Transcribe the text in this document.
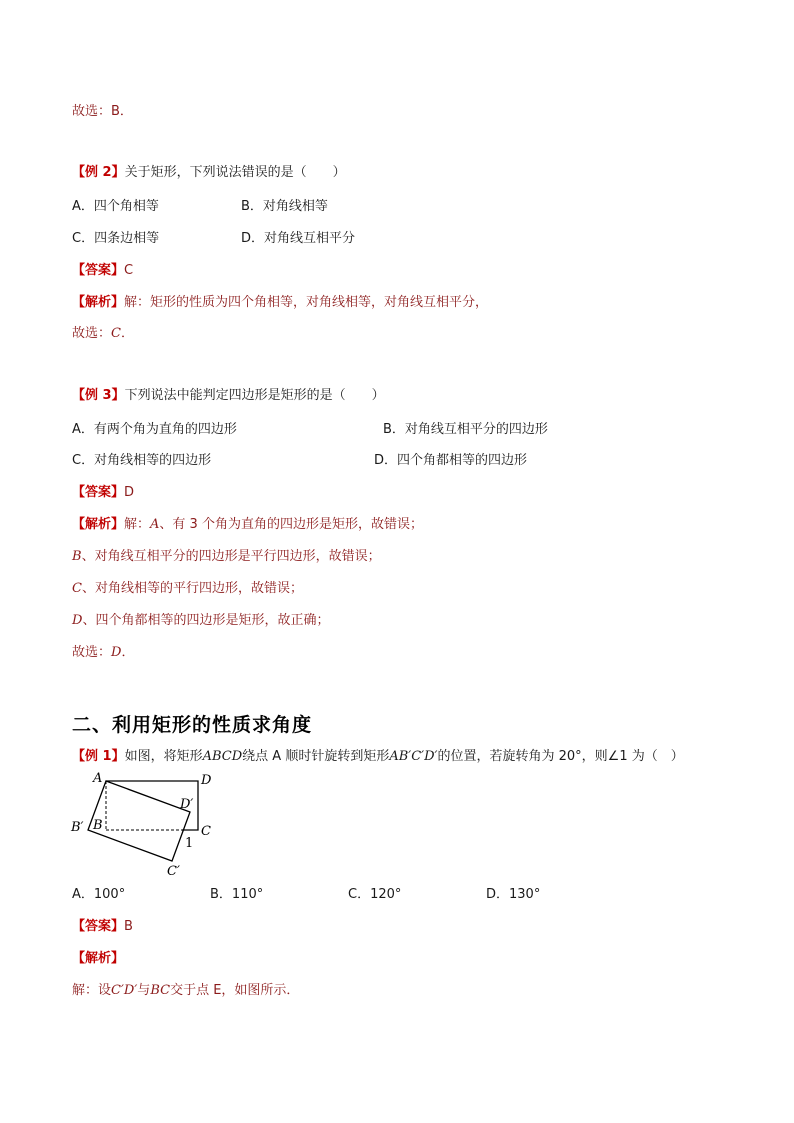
故选：B．
【例 2】关于矩形，下列说法错误的是（　　）
A．四个角相等	B．对角线相等
C．四条边相等	D．对角线互相平分
【答案】C
【解析】解：矩形的性质为四个角相等，对角线相等，对角线互相平分，
故选：C．
【例 3】下列说法中能判定四边形是矩形的是（　　）
A．有两个角为直角的四边形	B．对角线互相平分的四边形
C．对角线相等的四边形	D．四个角都相等的四边形
【答案】D
【解析】解：A、有 3 个角为直角的四边形是矩形，故错误；
B、对角线互相平分的四边形是平行四边形，故错误；
C、对角线相等的平行四边形，故错误；
D、四个角都相等的四边形是矩形，故正确；
故选：D．
二、利用矩形的性质求角度
【例 1】如图，将矩形ABCD绕点 A 顺时针旋转到矩形AB′C′D′的位置，若旋转角为 20°，则∠1 为（　）
A	D
D′
B′ B	C
1
C′
A．100°	B．110°	C．120°	D．130°
【答案】B
【解析】
解：设C′D′与BC交于点 E，如图所示．
